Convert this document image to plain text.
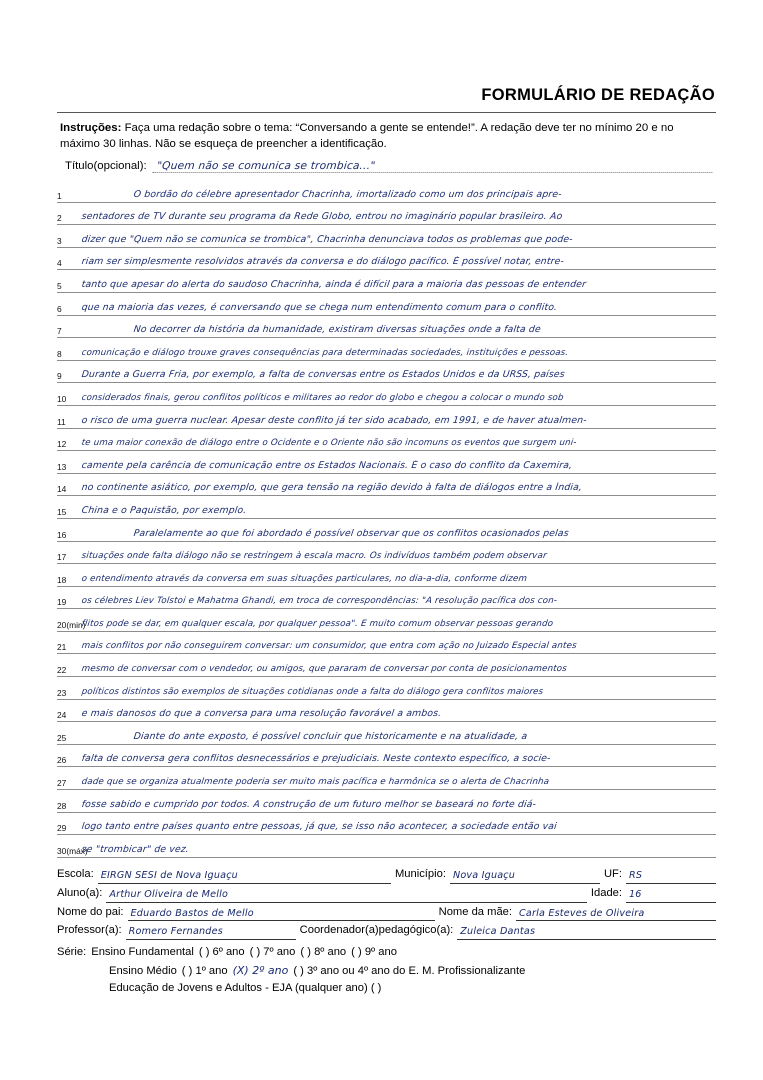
FORMULÁRIO DE REDAÇÃO
Instruções: Faça uma redação sobre o tema: “Conversando a gente se entende!”. A redação deve ter no mínimo 20 e no máximo 30 linhas. Não se esqueça de preencher a identificação.
Título(opcional): "Quem não se comunica se trombica..."
1	O bordão do célebre apresentador Chacrinha, imortalizado como um dos principais apre-
2	sentadores de TV durante seu programa da Rede Globo, entrou no imaginário popular brasileiro. Ao
3	dizer que "Quem não se comunica se trombica", Chacrinha denunciava todos os problemas que pode-
4	riam ser simplesmente resolvidos através da conversa e do diálogo pacífico. É possível notar, entre-
5	tanto que apesar do alerta do saudoso Chacrinha, ainda é difícil para a maioria das pessoas de entender
6	que na maioria das vezes, é conversando que se chega num entendimento comum para o conflito.
7	No decorrer da história da humanidade, existiram diversas situações onde a falta de
8	comunicação e diálogo trouxe graves consequências para determinadas sociedades, instituições e pessoas.
9	Durante a Guerra Fria, por exemplo, a falta de conversas entre os Estados Unidos e da URSS, países
10	considerados finais, gerou conflitos políticos e militares ao redor do globo e chegou a colocar o mundo sob
11	o risco de uma guerra nuclear. Apesar deste conflito já ter sido acabado, em 1991, e de haver atualmen-
12	te uma maior conexão de diálogo entre o Ocidente e o Oriente não são incomuns os eventos que surgem uni-
13	camente pela carência de comunicação entre os Estados Nacionais. É o caso do conflito da Caxemira,
14	no continente asiático, por exemplo, que gera tensão na região devido à falta de diálogos entre a Índia,
15	China e o Paquistão, por exemplo.
16	Paralelamente ao que foi abordado é possível observar que os conflitos ocasionados pelas
17	situações onde falta diálogo não se restringem à escala macro. Os indivíduos também podem observar
18	o entendimento através da conversa em suas situações particulares, no dia-a-dia, conforme dizem
19	os célebres Liev Tolstoi e Mahatma Ghandi, em troca de correspondências: "A resolução pacífica dos con-
20(min)
flitos pode se dar, em qualquer escala, por qualquer pessoa". É muito comum observar pessoas gerando
21	mais conflitos por não conseguirem conversar: um consumidor, que entra com ação no Juizado Especial antes
22	mesmo de conversar com o vendedor, ou amigos, que pararam de conversar por conta de posicionamentos
23	políticos distintos são exemplos de situações cotidianas onde a falta do diálogo gera conflitos maiores
24	e mais danosos do que a conversa para uma resolução favorável a ambos.
25	Diante do ante exposto, é possível concluir que historicamente e na atualidade, a
26	falta de conversa gera conflitos desnecessários e prejudiciais. Neste contexto específico, a socie-
27	dade que se organiza atualmente poderia ser muito mais pacífica e harmônica se o alerta de Chacrinha
28	fosse sabido e cumprido por todos. A construção de um futuro melhor se baseará no forte diá-
29	logo tanto entre países quanto entre pessoas, já que, se isso não acontecer, a sociedade então vai
30(máx)
se "trombicar" de vez.
Escola: EIRGN SESI de Nova Iguaçu	Município: Nova Iguaçu	UF: RS
Aluno(a): Arthur Oliveira de Mello	Idade: 16
Nome do pai: Eduardo Bastos de Mello	Nome da mãe: Carla Esteves de Oliveira
Professor(a): Romero Fernandes	Coordenador(a)pedagógico(a): Zuleica Dantas
Série: Ensino Fundamental ( ) 6º ano ( ) 7º ano ( ) 8º ano ( ) 9º ano
Ensino Médio ( ) 1º ano (X) 2º ano ( ) 3º ano ou 4º ano do E. M. Profissionalizante
Educação de Jovens e Adultos - EJA (qualquer ano) ( )
